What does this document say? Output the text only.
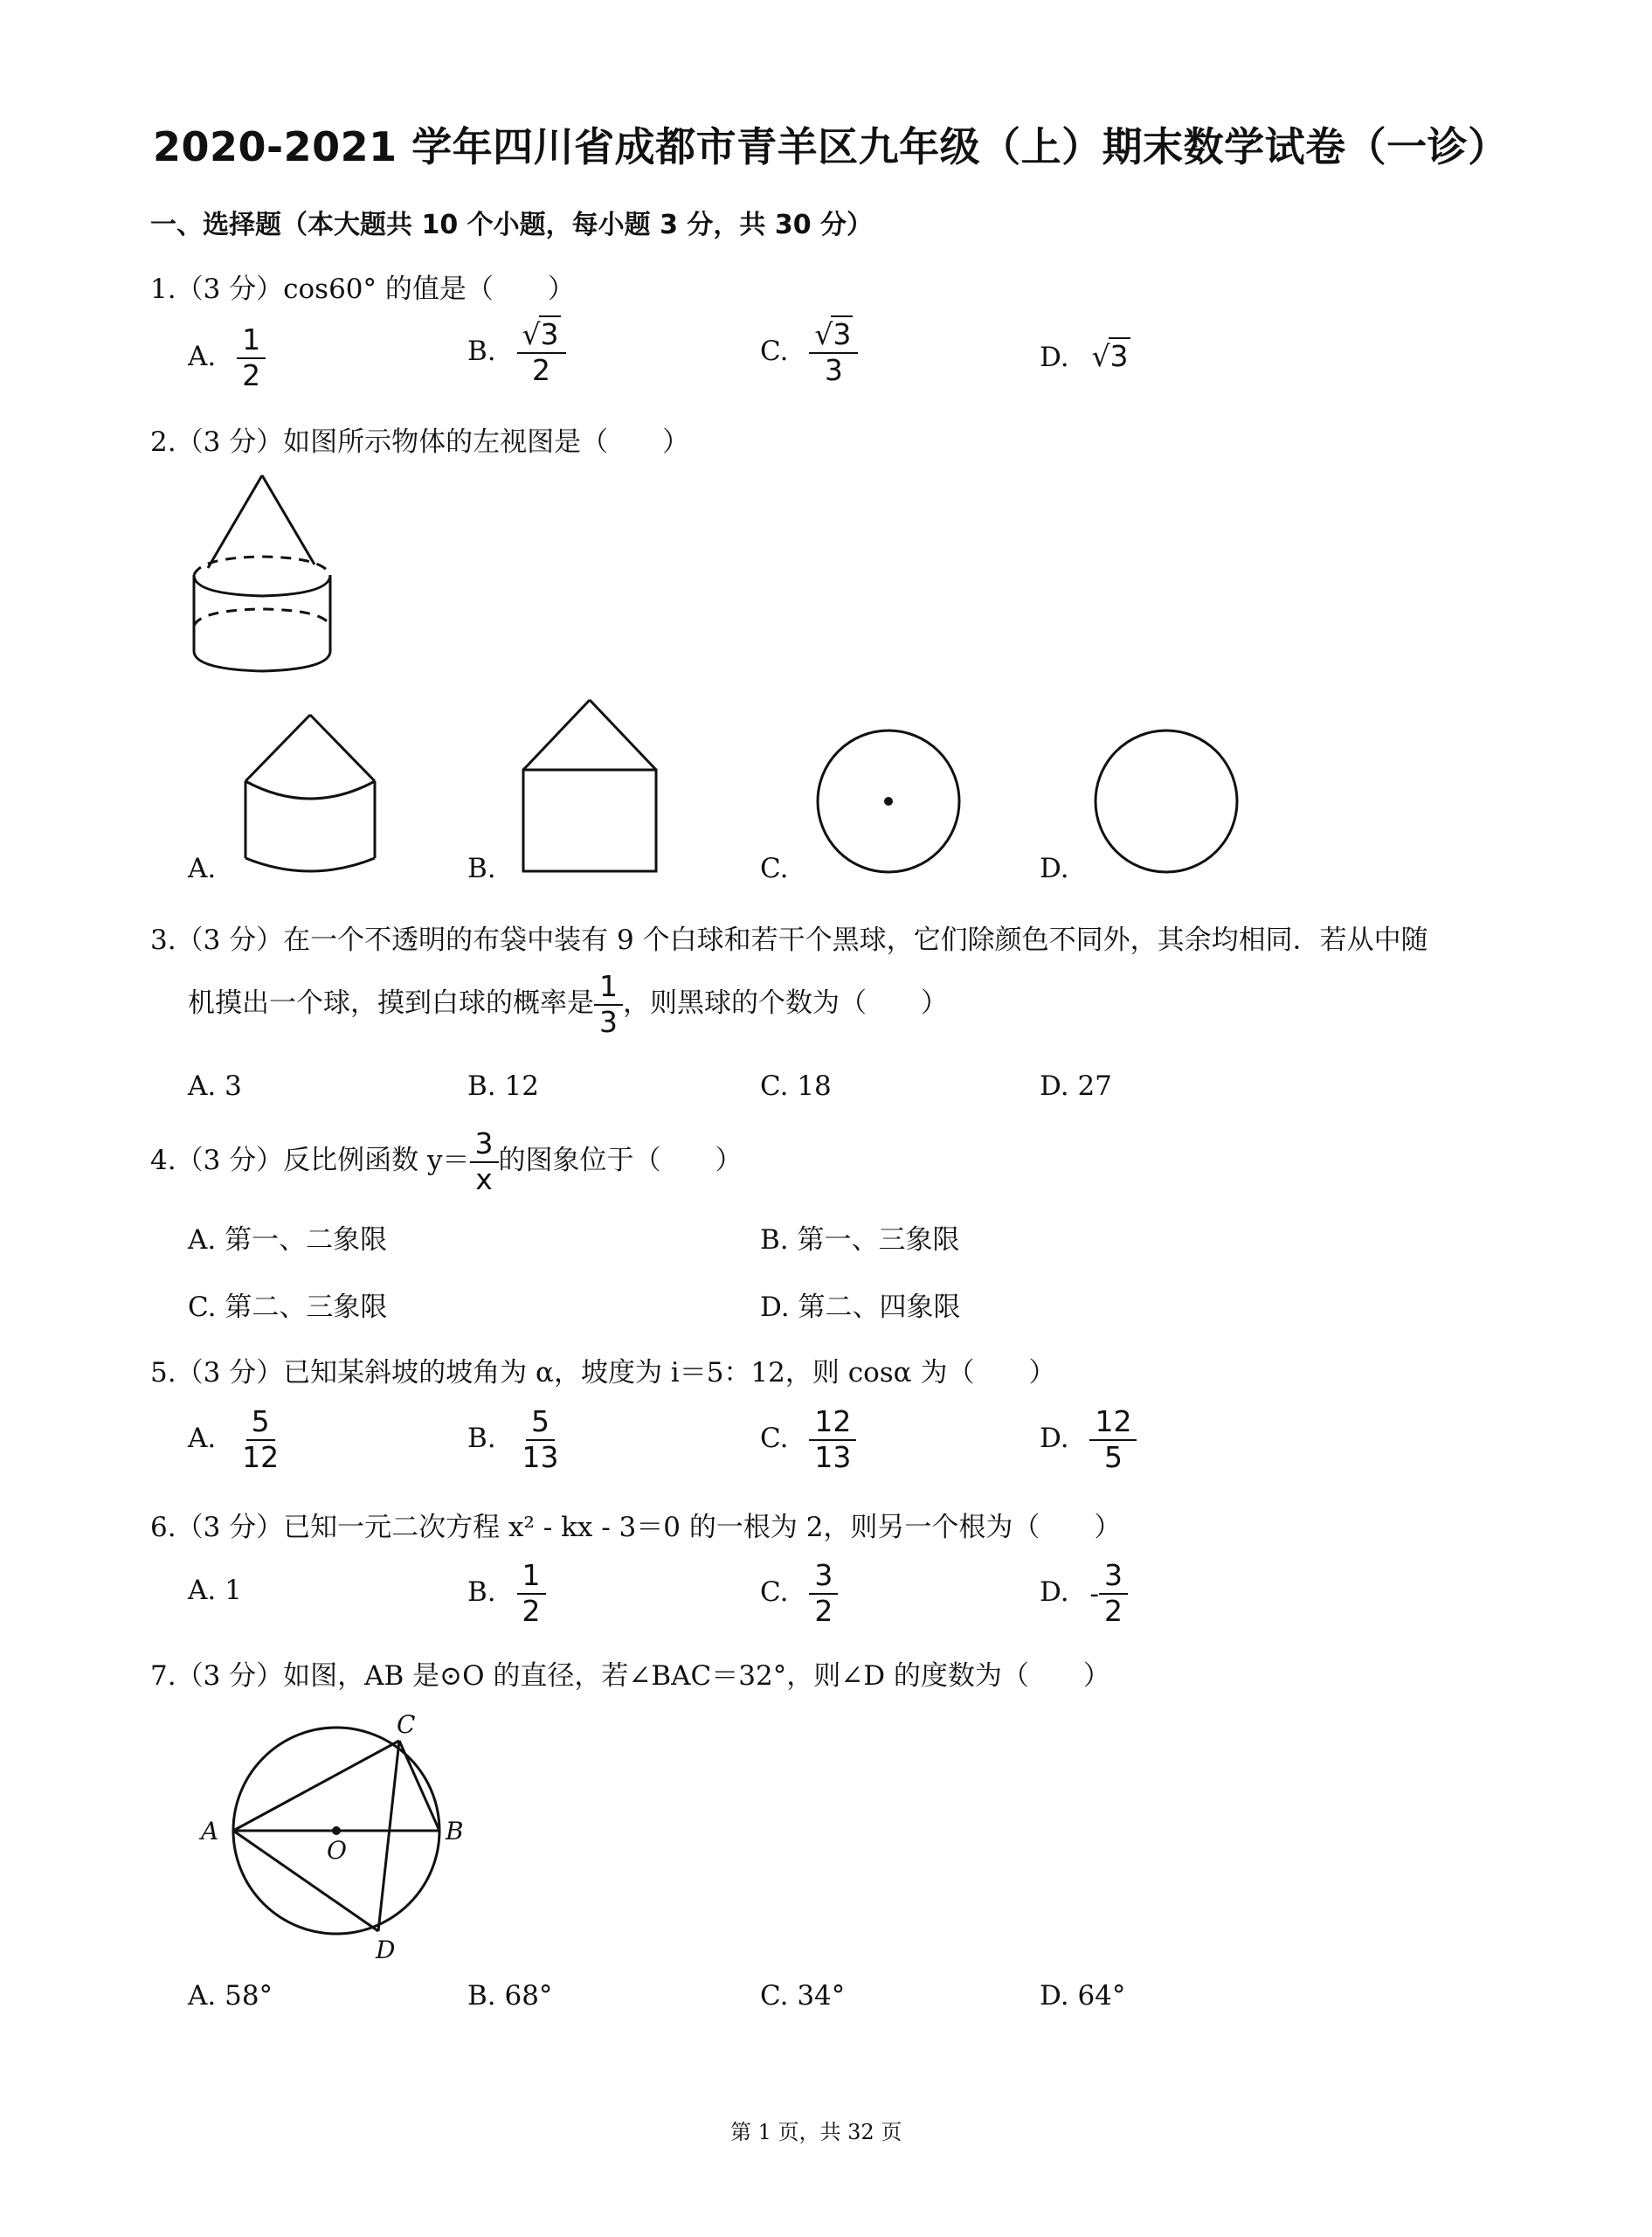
2020-2021 学年四川省成都市青羊区九年级（上）期末数学试卷（一诊）
一、选择题（本大题共 10 个小题，每小题 3 分，共 30 分）
1.（3 分）cos60° 的值是（　　）
A. $\frac{1}{2}$	B. $\frac{√3}{2}$	C. $\frac{√3}{3}$	D. √3
2.（3 分）如图所示物体的左视图是（　　）
A.	B.	C.	D.
3.（3 分）在一个不透明的布袋中装有 9 个白球和若干个黑球，它们除颜色不同外，其余均相同．若从中随
机摸出一个球，摸到白球的概率是 $\frac{1}{3}$ ，则黑球的个数为（　　）
A. 3	B. 12	C. 18	D. 27
4.（3 分）反比例函数 $y= \frac{3}{x}$ 的图象位于（　　）
A. 第一、二象限	B. 第一、三象限
C. 第二、三象限	D. 第二、四象限
5.（3 分）已知某斜坡的坡角为 α，坡度为 i＝5：12，则 cosα 为（　　）
A. $\frac{5}{12}$	B. $\frac{5}{13}$	C. $\frac{12}{13}$	D. $\frac{12}{5}$
6.（3 分）已知一元二次方程 x² - kx - 3＝0 的一根为 2，则另一个根为（　　）
A. 1	B. $\frac{1}{2}$	C. $\frac{3}{2}$	D. - $\frac{3}{2}$
7.（3 分）如图，AB 是⊙O 的直径，若∠BAC＝32°，则∠D 的度数为（　　）
A	B
C
D
O
A. 58°	B. 68°	C. 34°	D. 64°
第 1 页，共 32 页
